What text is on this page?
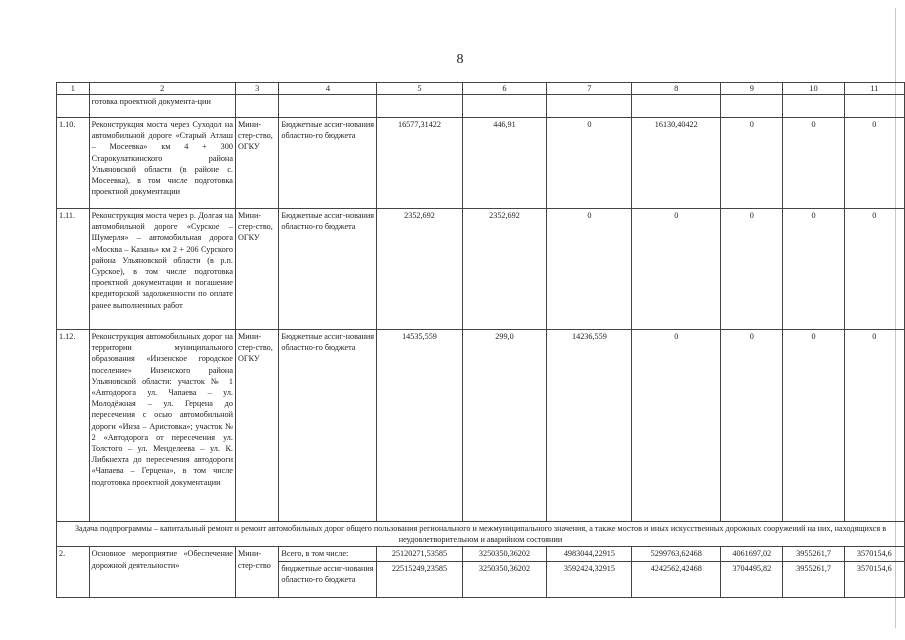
8
1	2	3	4	5	6	7	8	9	10	11
	готовка проектной документа-ции									
1.10.	Реконструкция моста через Суходол на автомобильной дороге «Старый Атлаш – Мосеевка» км 4 + 300 Старокулаткинского района Ульяновской области (в районе с. Мосеевка), в том числе подготовка проектной документации	Мини-стер-ство, ОГКУ	Бюджетные ассиг-нования областно-го бюджета	16577,31422	446,91	0	16130,40422	0	0	0
1.11.	Реконструкция моста через р. Долгая на автомобильной дороге «Сурское – Шумерля» – автомобильная дорога «Москва – Казань» км 2 + 206 Сурского района Ульяновской области (в р.п. Сурское), в том числе подготовка проектной документации и погашение кредиторской задолженности по оплате ранее выполненных работ	Мини-стер-ство, ОГКУ	Бюджетные ассиг-нования областно-го бюджета	2352,692	2352,692	0	0	0	0	0
1.12.	Реконструкция автомобильных дорог на территории муниципального образования «Инзенское городское поселение» Инзенского района Ульяновской области: участок № 1 «Автодорога ул. Чапаева – ул. Молодёжная – ул. Герцена до пересечения с осью автомобильной дороги «Инза – Аристовка»; участок № 2 «Автодорога от пересечения ул. Толстого – ул. Менделеева – ул. К. Либкнехта до пересечения автодороги «Чапаева – Герцена», в том числе подготовка проектной документации	Мини-стер-ство, ОГКУ	Бюджетные ассиг-нования областно-го бюджета	14535,559	299,0	14236,559	0	0	0	0
Задача подпрограммы – капитальный ремонт и ремонт автомобильных дорог общего пользования регионального и межмуниципального значения, а также мостов и иных искусственных дорожных сооружений на них, находящихся в неудовлетворительном и аварийном состоянии										
2.	Основное мероприятие «Обеспечение дорожной деятельности»	Мини-стер-ство	Всего, в том числе:	25120271,53585	3250350,36202	4983044,22915	5299763,62468	4061697,02	3955261,7	3570154,6
			бюджетные ассиг-нования областно-го бюджета	22515249,23585	3250350,36202	3592424,32915	4242562,42468	3704495,82	3955261,7	3570154,6
